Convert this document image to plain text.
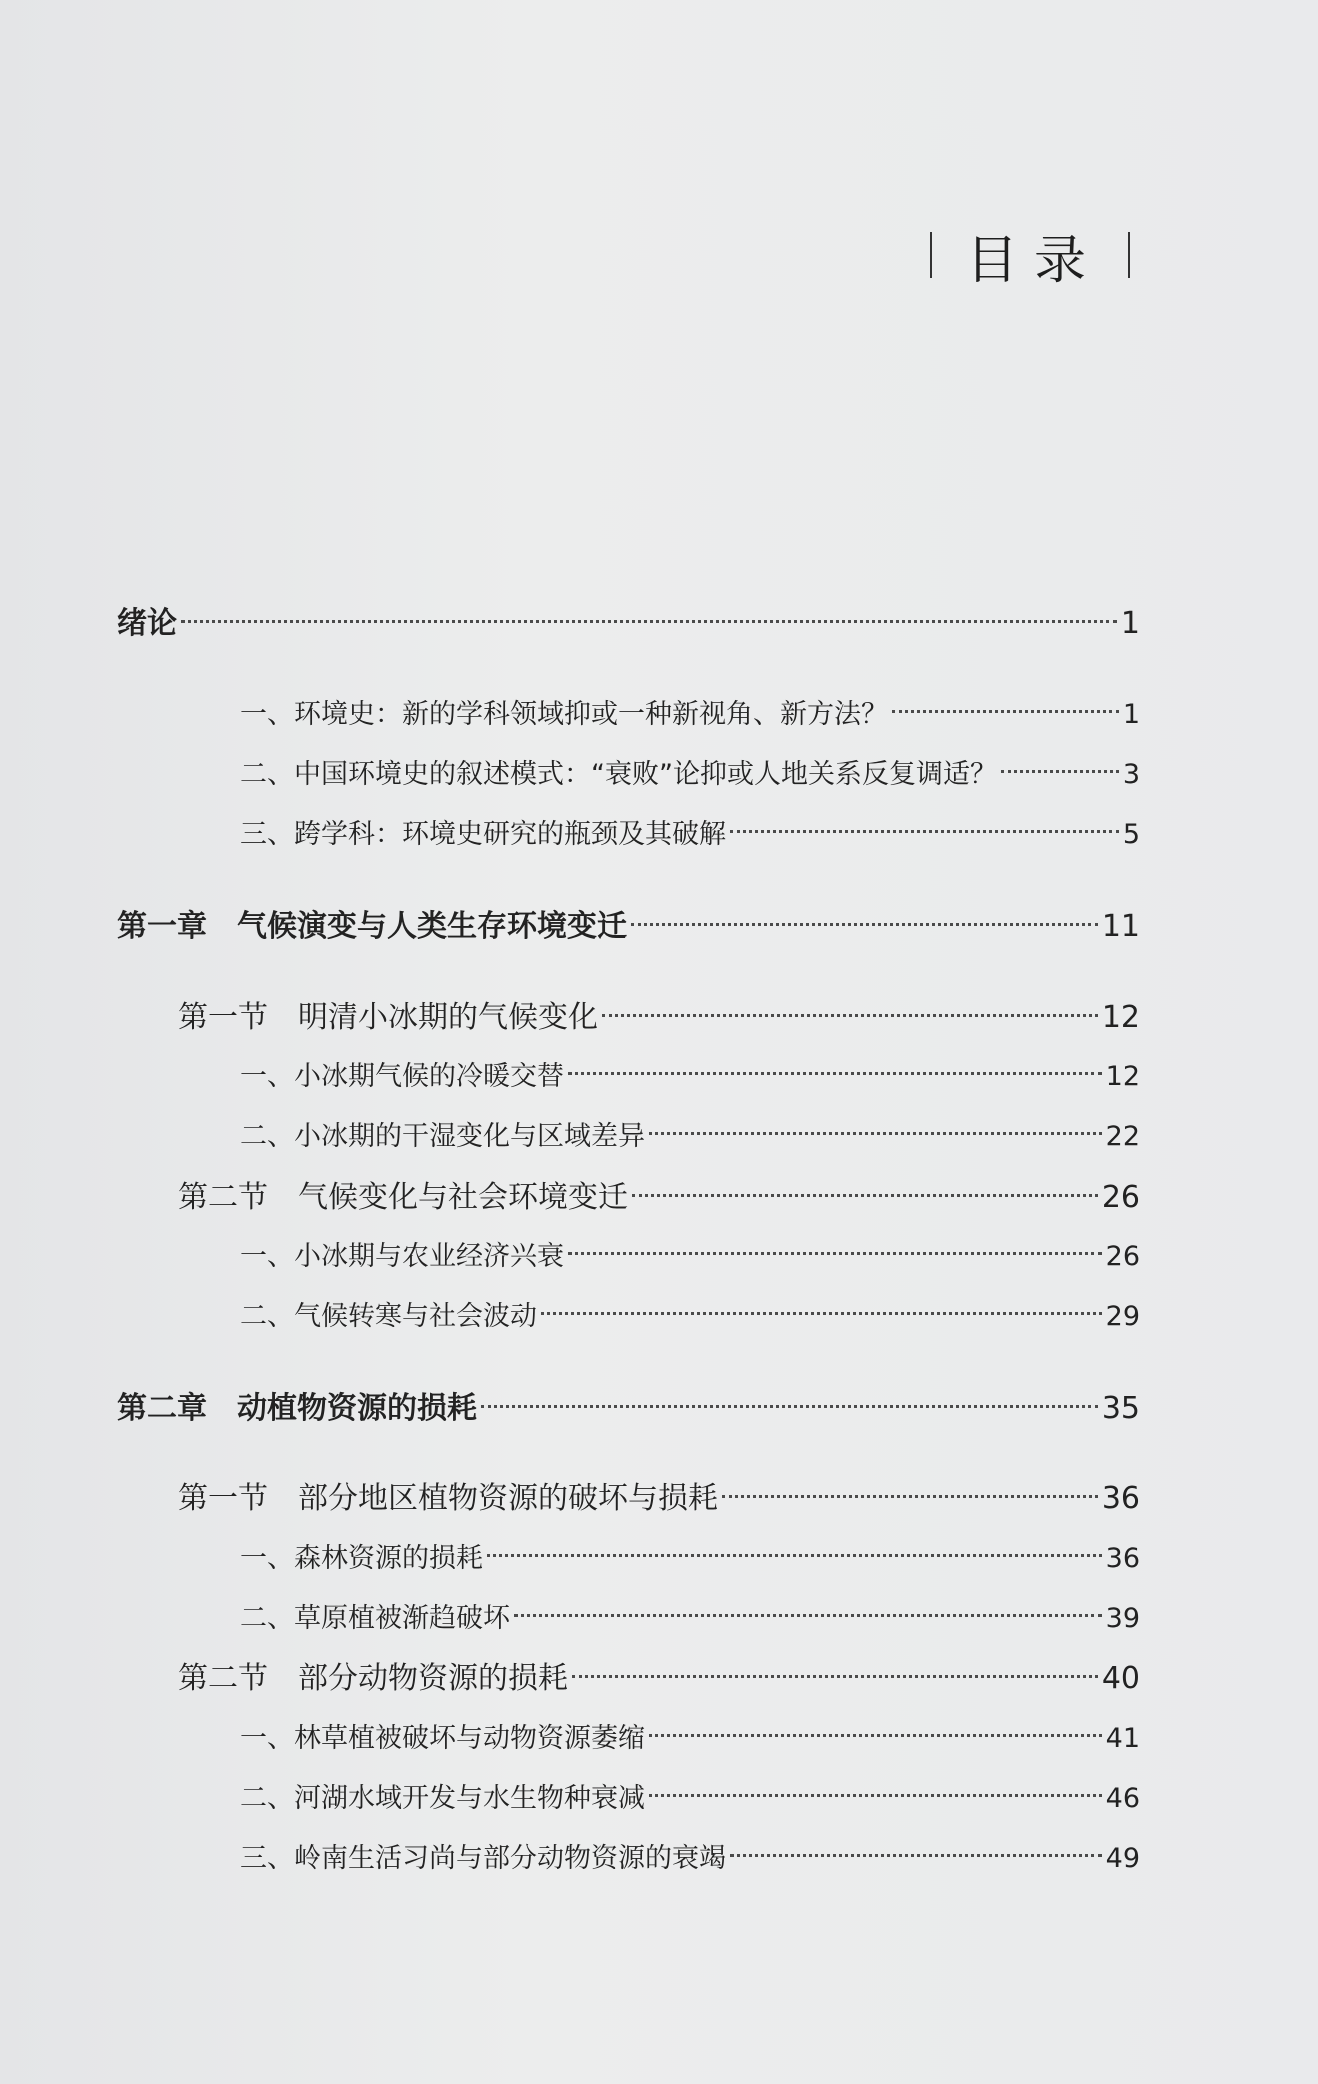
目录
绪论	1
一、环境史：新的学科领域抑或一种新视角、新方法？	1
二、中国环境史的叙述模式：“衰败”论抑或人地关系反复调适？	3
三、跨学科：环境史研究的瓶颈及其破解	5
第一章　气候演变与人类生存环境变迁	11
第一节　明清小冰期的气候变化	12
一、小冰期气候的冷暖交替	12
二、小冰期的干湿变化与区域差异	22
第二节　气候变化与社会环境变迁	26
一、小冰期与农业经济兴衰	26
二、气候转寒与社会波动	29
第二章　动植物资源的损耗	35
第一节　部分地区植物资源的破坏与损耗	36
一、森林资源的损耗	36
二、草原植被渐趋破坏	39
第二节　部分动物资源的损耗	40
一、林草植被破坏与动物资源萎缩	41
二、河湖水域开发与水生物种衰减	46
三、岭南生活习尚与部分动物资源的衰竭	49
